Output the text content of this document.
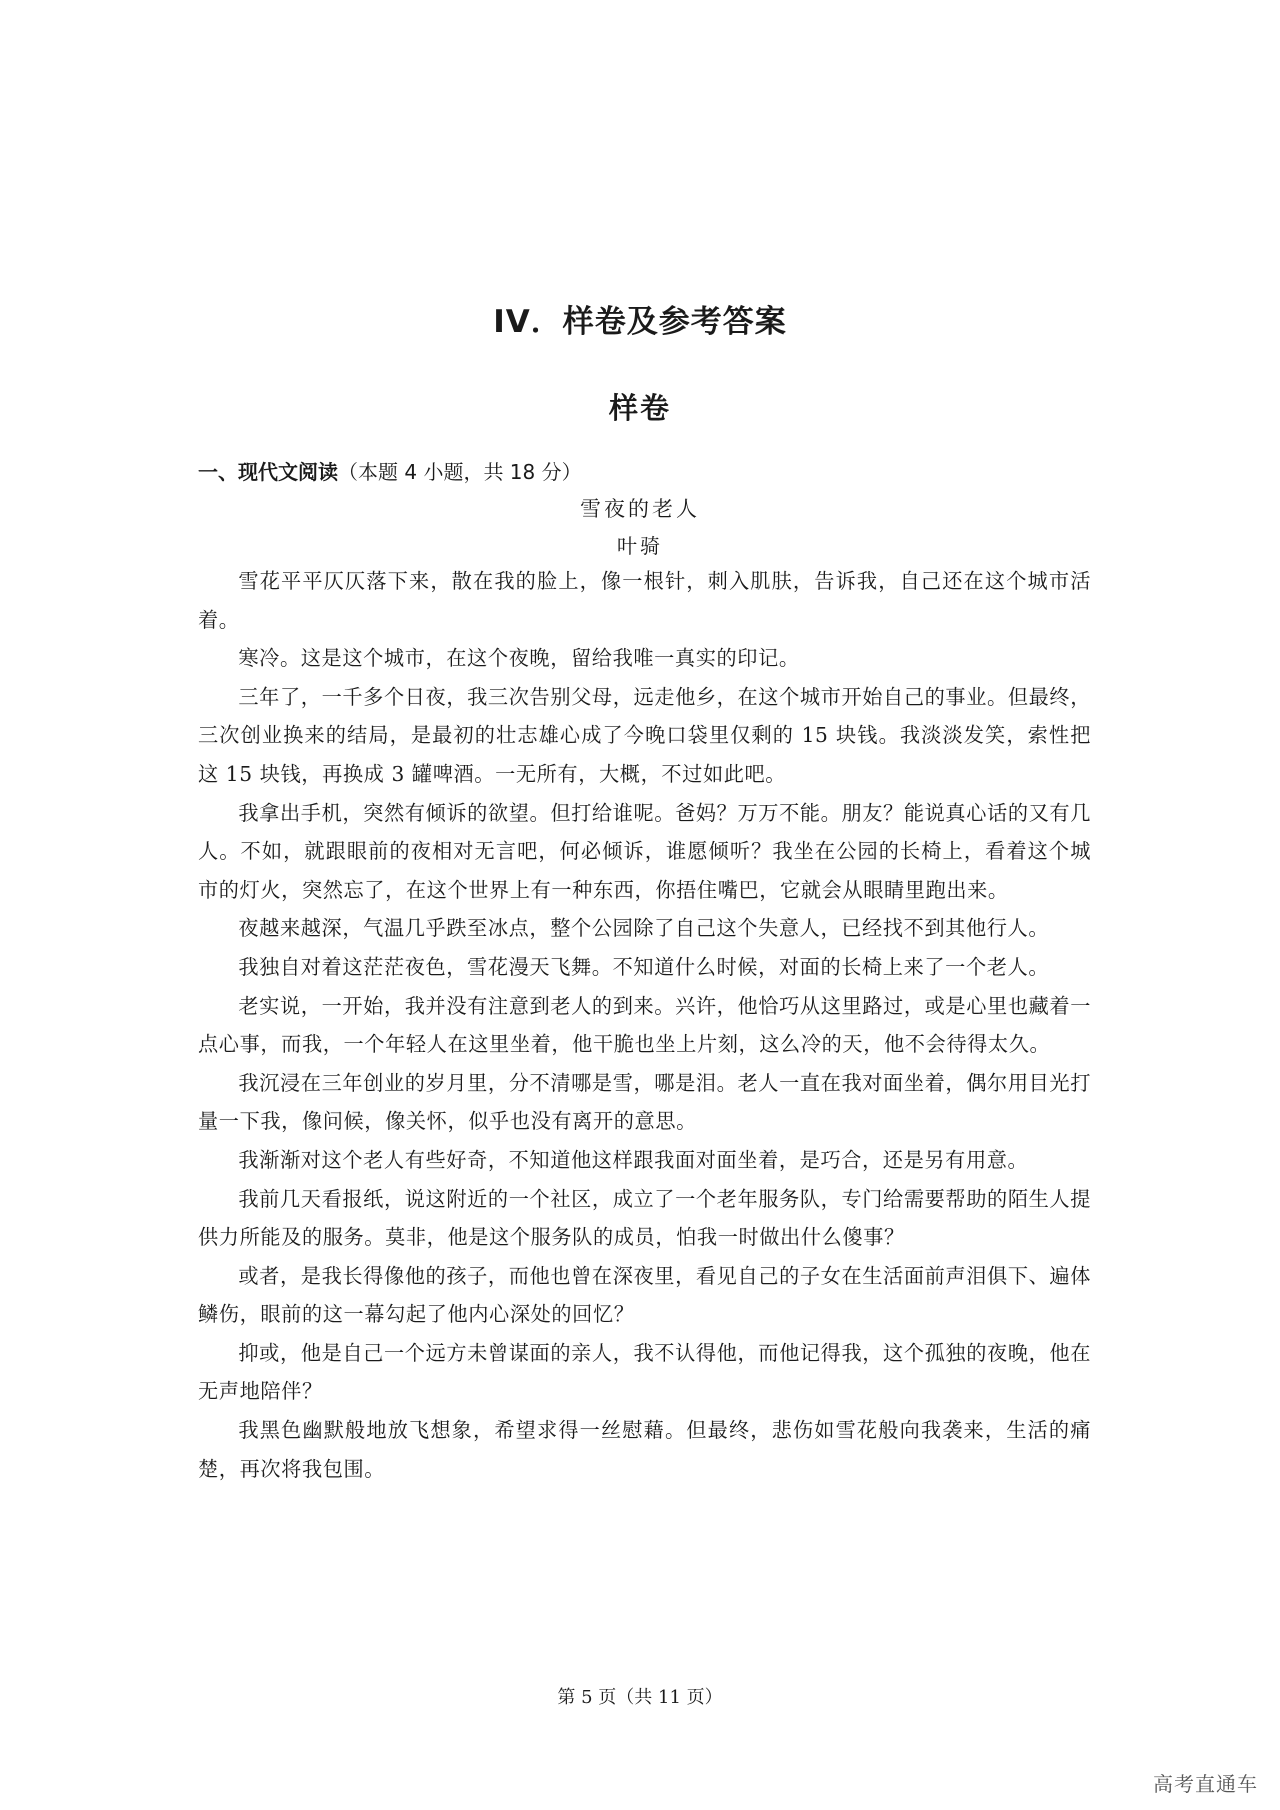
IV．样卷及参考答案
样卷
一、现代文阅读（本题 4 小题，共 18 分）
雪夜的老人
叶骑

雪花平平仄仄落下来，散在我的脸上，像一根针，刺入肌肤，告诉我，自己还在这个城市活着。

寒冷。这是这个城市，在这个夜晚，留给我唯一真实的印记。

三年了，一千多个日夜，我三次告别父母，远走他乡，在这个城市开始自己的事业。但最终，三次创业换来的结局，是最初的壮志雄心成了今晚口袋里仅剩的 15 块钱。我淡淡发笑，索性把这 15 块钱，再换成 3 罐啤酒。一无所有，大概，不过如此吧。

我拿出手机，突然有倾诉的欲望。但打给谁呢。爸妈？万万不能。朋友？能说真心话的又有几人。不如，就跟眼前的夜相对无言吧，何必倾诉，谁愿倾听？我坐在公园的长椅上，看着这个城市的灯火，突然忘了，在这个世界上有一种东西，你捂住嘴巴，它就会从眼睛里跑出来。

夜越来越深，气温几乎跌至冰点，整个公园除了自己这个失意人，已经找不到其他行人。

我独自对着这茫茫夜色，雪花漫天飞舞。不知道什么时候，对面的长椅上来了一个老人。

老实说，一开始，我并没有注意到老人的到来。兴许，他恰巧从这里路过，或是心里也藏着一点心事，而我，一个年轻人在这里坐着，他干脆也坐上片刻，这么冷的天，他不会待得太久。

我沉浸在三年创业的岁月里，分不清哪是雪，哪是泪。老人一直在我对面坐着，偶尔用目光打量一下我，像问候，像关怀，似乎也没有离开的意思。

我渐渐对这个老人有些好奇，不知道他这样跟我面对面坐着，是巧合，还是另有用意。

我前几天看报纸，说这附近的一个社区，成立了一个老年服务队，专门给需要帮助的陌生人提供力所能及的服务。莫非，他是这个服务队的成员，怕我一时做出什么傻事？

或者，是我长得像他的孩子，而他也曾在深夜里，看见自己的子女在生活面前声泪俱下、遍体鳞伤，眼前的这一幕勾起了他内心深处的回忆？

抑或，他是自己一个远方未曾谋面的亲人，我不认得他，而他记得我，这个孤独的夜晚，他在无声地陪伴？

我黑色幽默般地放飞想象，希望求得一丝慰藉。但最终，悲伤如雪花般向我袭来，生活的痛楚，再次将我包围。

第 5 页（共 11 页）
高考直通车
